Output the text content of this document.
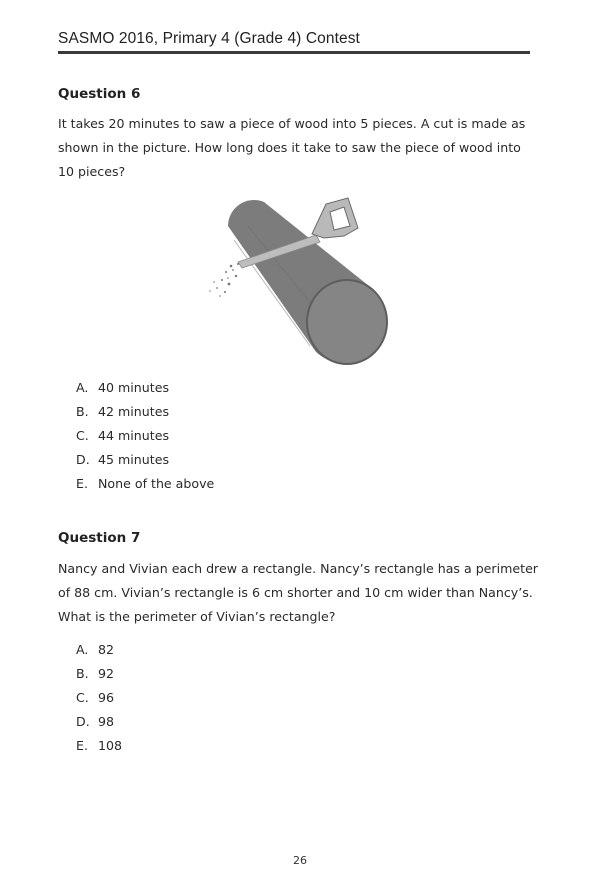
SASMO 2016, Primary 4 (Grade 4) Contest
Question 6
It takes 20 minutes to saw a piece of wood into 5 pieces. A cut is made as shown in the picture. How long does it take to saw the piece of wood into 10 pieces?
A. 40 minutes
B. 42 minutes
C. 44 minutes
D. 45 minutes
E. None of the above
Question 7
Nancy and Vivian each drew a rectangle. Nancy’s rectangle has a perimeter of 88 cm. Vivian’s rectangle is 6 cm shorter and 10 cm wider than Nancy’s. What is the perimeter of Vivian’s rectangle?
A. 82
B. 92
C. 96
D. 98
E. 108
26
